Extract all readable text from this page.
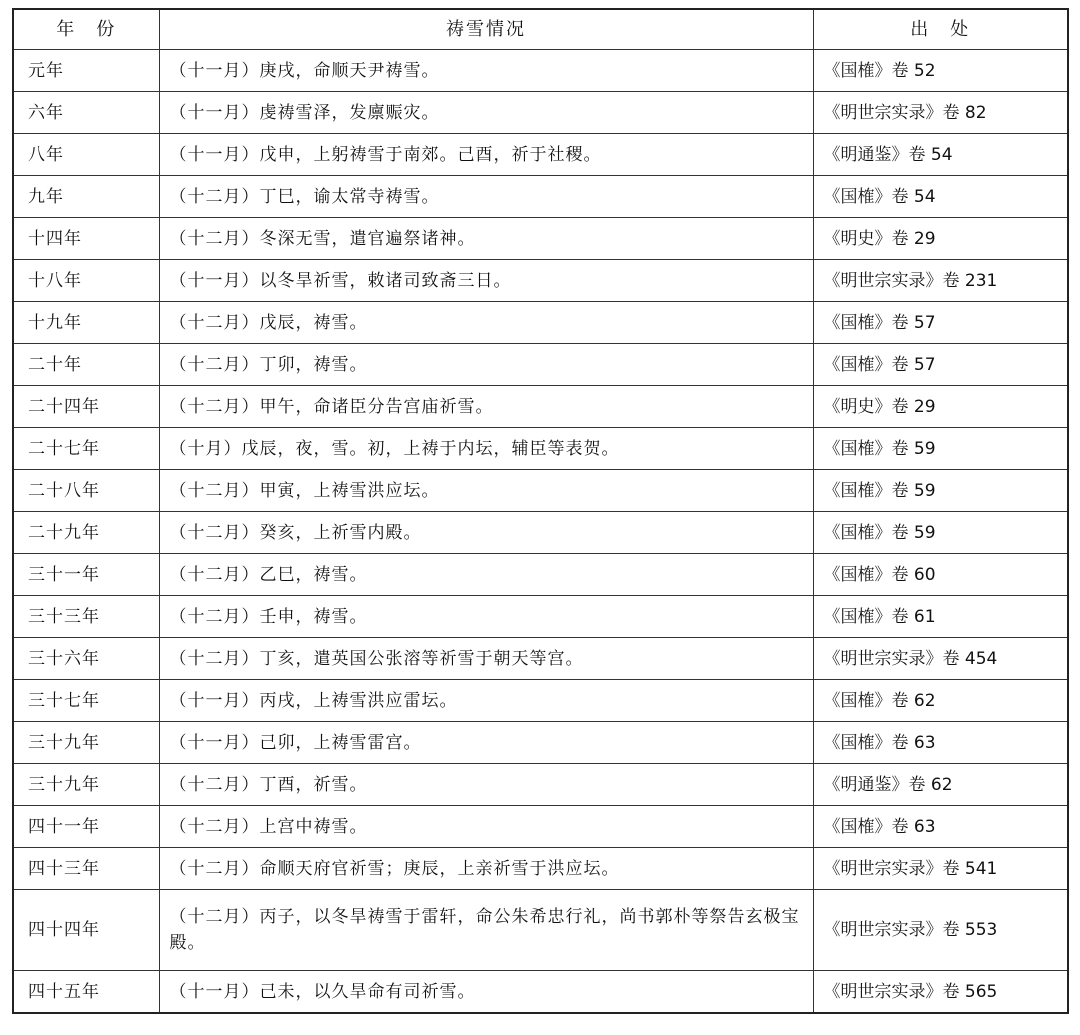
年　份	祷雪情况	出　处
元年	（十一月）庚戌，命顺天尹祷雪。	《国榷》卷 52
六年	（十一月）虔祷雪泽，发廪赈灾。	《明世宗实录》卷 82
八年	（十一月）戊申，上躬祷雪于南郊。己酉，祈于社稷。	《明通鉴》卷 54
九年	（十二月）丁巳，谕太常寺祷雪。	《国榷》卷 54
十四年	（十二月）冬深无雪，遣官遍祭诸神。	《明史》卷 29
十八年	（十一月）以冬旱祈雪，敕诸司致斋三日。	《明世宗实录》卷 231
十九年	（十二月）戊辰，祷雪。	《国榷》卷 57
二十年	（十二月）丁卯，祷雪。	《国榷》卷 57
二十四年	（十二月）甲午，命诸臣分告宫庙祈雪。	《明史》卷 29
二十七年	（十月）戊辰，夜，雪。初，上祷于内坛，辅臣等表贺。	《国榷》卷 59
二十八年	（十二月）甲寅，上祷雪洪应坛。	《国榷》卷 59
二十九年	（十二月）癸亥，上祈雪内殿。	《国榷》卷 59
三十一年	（十二月）乙巳，祷雪。	《国榷》卷 60
三十三年	（十二月）壬申，祷雪。	《国榷》卷 61
三十六年	（十二月）丁亥，遣英国公张溶等祈雪于朝天等宫。	《明世宗实录》卷 454
三十七年	（十一月）丙戌，上祷雪洪应雷坛。	《国榷》卷 62
三十九年	（十一月）己卯，上祷雪雷宫。	《国榷》卷 63
三十九年	（十二月）丁酉，祈雪。	《明通鉴》卷 62
四十一年	（十二月）上宫中祷雪。	《国榷》卷 63
四十三年	（十二月）命顺天府官祈雪；庚辰，上亲祈雪于洪应坛。	《明世宗实录》卷 541
四十四年	（十二月）丙子，以冬旱祷雪于雷轩，命公朱希忠行礼，尚书郭朴等祭告玄极宝殿。	《明世宗实录》卷 553
四十五年	（十一月）己未，以久旱命有司祈雪。	《明世宗实录》卷 565
